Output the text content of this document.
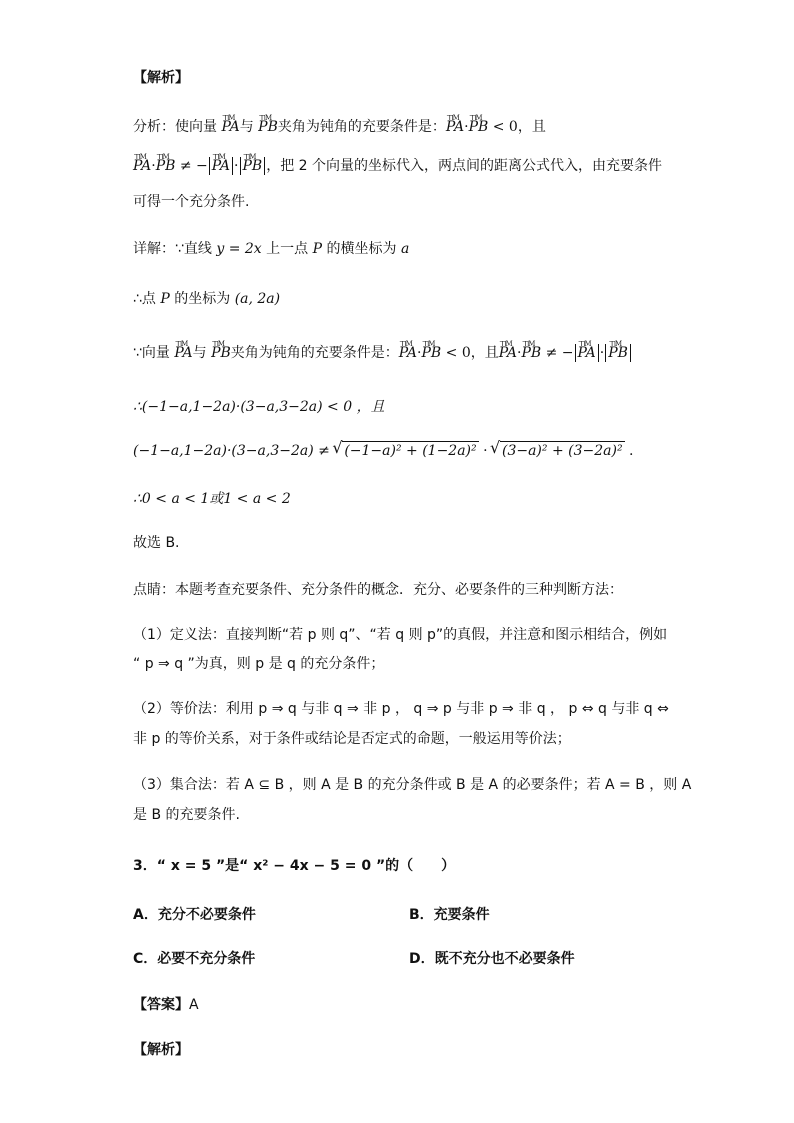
【解析】
分析：使向量 ꓶꓶM PA与 ꓶꓶM PB夹角为钝角的充要条件是：ꓶꓶM PA·ꓶꓶM PB < 0，且
ꓶꓶM PA·ꓶꓶM PB ≠ − ꓶꓶM PA · ꓶꓶM PB ，把 2 个向量的坐标代入，两点间的距离公式代入，由充要条件
可得一个充分条件.
详解：∵直线 y = 2x 上一点 P 的横坐标为 a
∴点 P 的坐标为 (a, 2a)
∵向量 ꓶꓶM PA与 ꓶꓶM PB夹角为钝角的充要条件是：ꓶꓶM PA·ꓶꓶM PB < 0，且ꓶꓶM PA·ꓶꓶM PB ≠ − ꓶꓶM PA · ꓶꓶM PB
∴(−1−a,1−2a)·(3−a,3−2a) < 0 ，且
(−1−a,1−2a)·(3−a,3−2a) ≠ √ (−1−a)² + (1−2a)² · √ (3−a)² + (3−2a)² .
∴0 < a < 1或1 < a < 2
故选 B.
点睛：本题考查充要条件、充分条件的概念．充分、必要条件的三种判断方法：
（1）定义法：直接判断“若 p 则 q”、“若 q 则 p”的真假，并注意和图示相结合，例如
“ p ⇒ q ”为真，则 p 是 q 的充分条件；
（2）等价法：利用 p ⇒ q 与非 q ⇒ 非 p ， q ⇒ p 与非 p ⇒ 非 q ， p ⇔ q 与非 q ⇔
非 p 的等价关系，对于条件或结论是否定式的命题，一般运用等价法；
（3）集合法：若 A ⊆ B ，则 A 是 B 的充分条件或 B 是 A 的必要条件；若 A = B ，则 A
是 B 的充要条件.
3．“ x = 5 ”是“ x² − 4x − 5 = 0 ”的（　　）
A．充分不必要条件	B．充要条件
C．必要不充分条件	D．既不充分也不必要条件
【答案】A
【解析】
